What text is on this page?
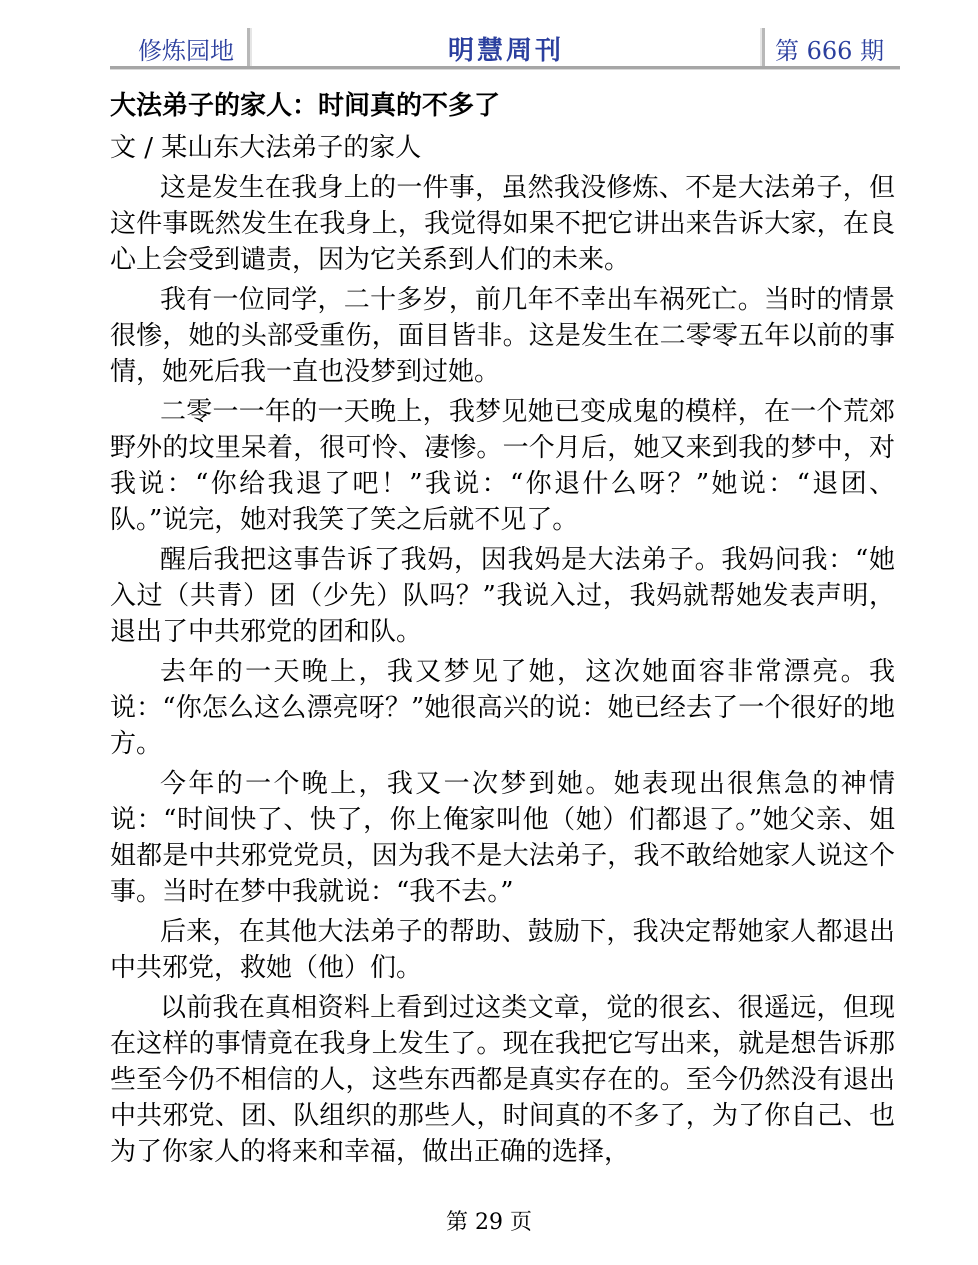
修炼园地	明慧周刊	第 666 期
大法弟子的家人：时间真的不多了

文 / 某山东大法弟子的家人

这是发生在我身上的一件事，虽然我没修炼、不是大法弟子，但这件事既然发生在我身上，我觉得如果不把它讲出来告诉大家，在良心上会受到谴责，因为它关系到人们的未来。

我有一位同学，二十多岁，前几年不幸出车祸死亡。当时的情景很惨，她的头部受重伤，面目皆非。这是发生在二零零五年以前的事情，她死后我一直也没梦到过她。

二零一一年的一天晚上，我梦见她已变成鬼的模样，在一个荒郊野外的坟里呆着，很可怜、凄惨。一个月后，她又来到我的梦中，对我说：“你给我退了吧！”我说：“你退什么呀？”她说：“退团、队。”说完，她对我笑了笑之后就不见了。

醒后我把这事告诉了我妈，因我妈是大法弟子。我妈问我：“她入过（共青）团（少先）队吗？”我说入过，我妈就帮她发表声明，退出了中共邪党的团和队。

去年的一天晚上，我又梦见了她，这次她面容非常漂亮。我说：“你怎么这么漂亮呀？”她很高兴的说：她已经去了一个很好的地方。

今年的一个晚上，我又一次梦到她。她表现出很焦急的神情说：“时间快了、快了，你上俺家叫他（她）们都退了。”她父亲、姐姐都是中共邪党党员，因为我不是大法弟子，我不敢给她家人说这个事。当时在梦中我就说：“我不去。”

后来，在其他大法弟子的帮助、鼓励下，我决定帮她家人都退出中共邪党，救她（他）们。

以前我在真相资料上看到过这类文章，觉的很玄、很遥远，但现在这样的事情竟在我身上发生了。现在我把它写出来，就是想告诉那些至今仍不相信的人，这些东西都是真实存在的。至今仍然没有退出中共邪党、团、队组织的那些人，时间真的不多了，为了你自己、也为了你家人的将来和幸福，做出正确的选择，

第 29 页
